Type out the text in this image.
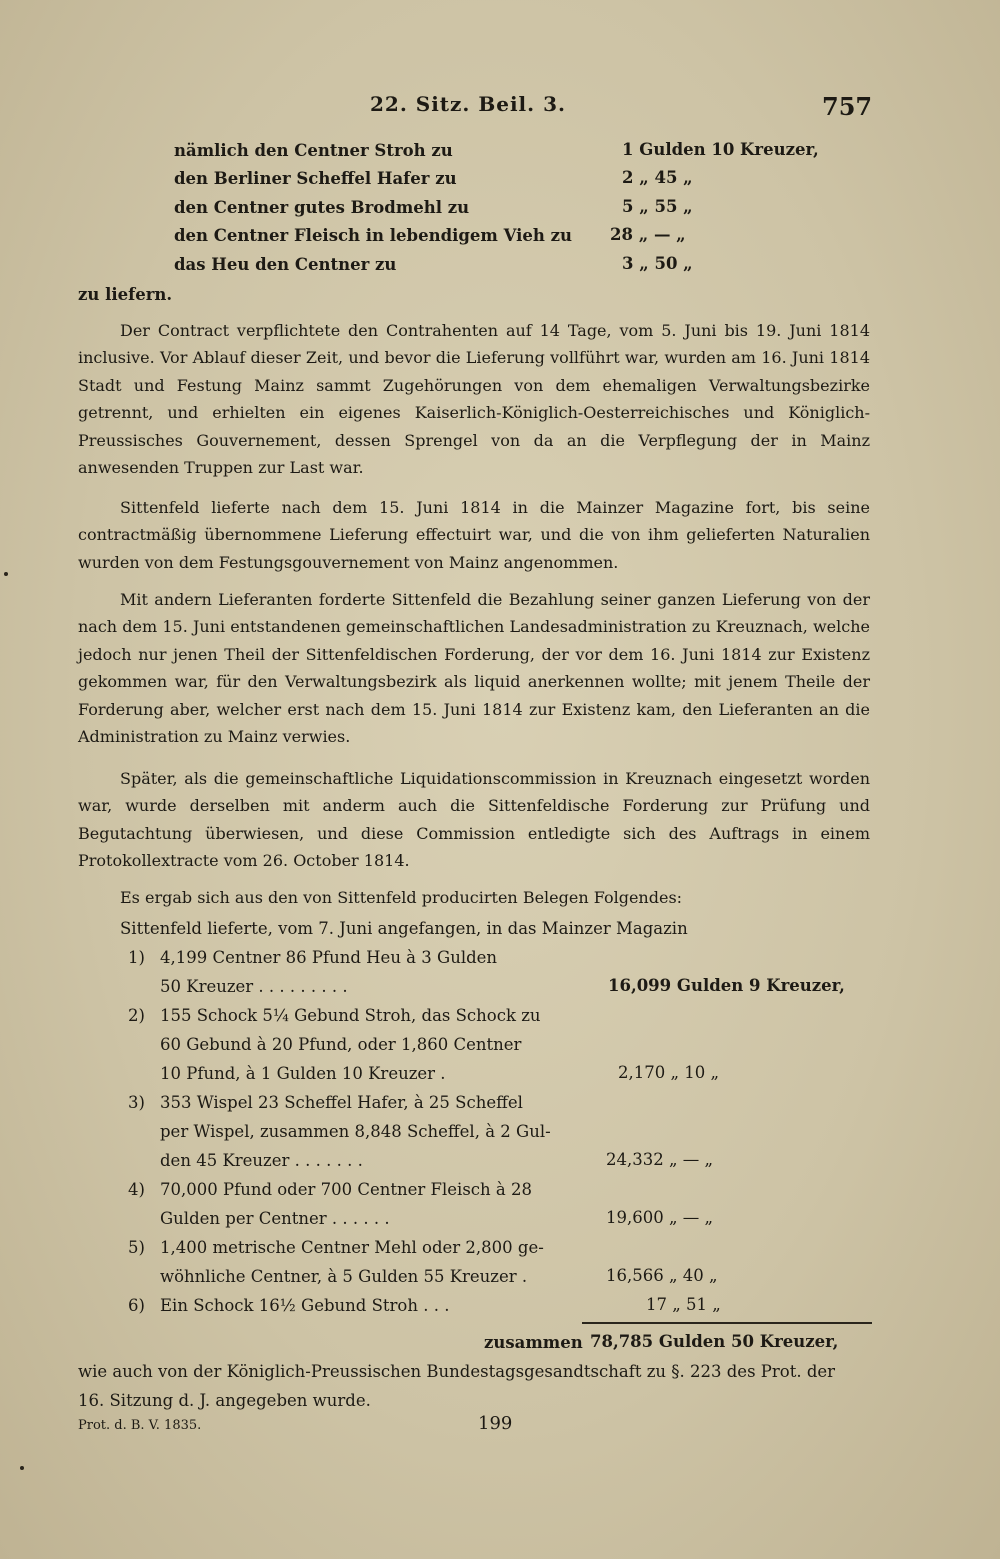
22. Sitz. Beil. 3.	757
nämlich den Centner Stroh zu	1 Gulden 10 Kreuzer,
den Berliner Scheffel Hafer zu	2 „ 45 „
den Centner gutes Brodmehl zu	5 „ 55 „
den Centner Fleisch in lebendigem Vieh zu 28 „ — „
das Heu den Centner zu	3 „ 50 „
zu liefern.

Der Contract verpflichtete den Contrahenten auf 14 Tage, vom 5. Juni bis 19. Juni 1814 inclusive. Vor Ablauf dieser Zeit, und bevor die Lieferung vollführt war, wurden am 16. Juni 1814 Stadt und Festung Mainz sammt Zugehörungen von dem ehemaligen Verwaltungsbezirke getrennt, und erhielten ein eigenes Kaiserlich-Königlich-Oesterreichisches und Königlich-Preussisches Gouvernement, dessen Sprengel von da an die Verpflegung der in Mainz anwesenden Truppen zur Last war.

Sittenfeld lieferte nach dem 15. Juni 1814 in die Mainzer Magazine fort, bis seine contractmäßig übernommene Lieferung effectuirt war, und die von ihm gelieferten Naturalien wurden von dem Festungsgouvernement von Mainz angenommen.

Mit andern Lieferanten forderte Sittenfeld die Bezahlung seiner ganzen Lieferung von der nach dem 15. Juni entstandenen gemeinschaftlichen Landesadministration zu Kreuznach, welche jedoch nur jenen Theil der Sittenfeldischen Forderung, der vor dem 16. Juni 1814 zur Existenz gekommen war, für den Verwaltungsbezirk als liquid anerkennen wollte; mit jenem Theile der Forderung aber, welcher erst nach dem 15. Juni 1814 zur Existenz kam, den Lieferanten an die Administration zu Mainz verwies.

Später, als die gemeinschaftliche Liquidationscommission in Kreuznach eingesetzt worden war, wurde derselben mit anderm auch die Sittenfeldische Forderung zur Prüfung und Begutachtung überwiesen, und diese Commission entledigte sich des Auftrags in einem Protokollextracte vom 26. October 1814.

Es ergab sich aus den von Sittenfeld producirten Belegen Folgendes:

Sittenfeld lieferte, vom 7. Juni angefangen, in das Mainzer Magazin
1) 4,199 Centner 86 Pfund Heu à 3 Gulden
50 Kreuzer . . . . . . . . .	16,099 Gulden 9 Kreuzer,
2) 155 Schock 5¼ Gebund Stroh, das Schock zu
60 Gebund à 20 Pfund, oder 1,860 Centner
10 Pfund, à 1 Gulden 10 Kreuzer .	2,170 „ 10 „
3) 353 Wispel 23 Scheffel Hafer, à 25 Scheffel
per Wispel, zusammen 8,848 Scheffel, à 2 Gul-
den 45 Kreuzer . . . . . . .	24,332 „ — „
4) 70,000 Pfund oder 700 Centner Fleisch à 28
Gulden per Centner . . . . . .	19,600 „ — „
5) 1,400 metrische Centner Mehl oder 2,800 ge-
wöhnliche Centner, à 5 Gulden 55 Kreuzer .	16,566 „ 40 „
6) Ein Schock 16½ Gebund Stroh . . .	17 „ 51 „
zusammen 78,785 Gulden 50 Kreuzer,
wie auch von der Königlich-Preussischen Bundestagsgesandtschaft zu §. 223 des Prot. der
16. Sitzung d. J. angegeben wurde.
Prot. d. B. V. 1835.	199
